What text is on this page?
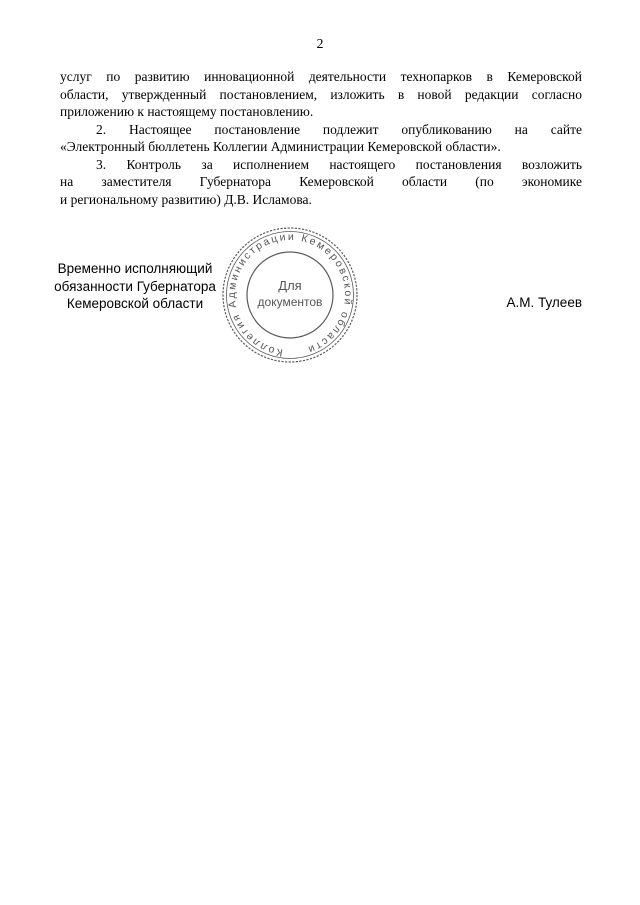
2

услуг по развитию инновационной деятельности технопарков в Кемеровской

области, утвержденный постановлением, изложить в новой редакции согласно

приложению к настоящему постановлению.

2. Настоящее постановление подлежит опубликованию на сайте

«Электронный бюллетень Коллегии Администрации Кемеровской области».

3. Контроль за исполнением настоящего постановления возложить

на заместителя Губернатора Кемеровской области (по экономике

и региональному развитию) Д.В. Исламова.

Временно исполняющий
обязанности Губернатора
Кемеровской области
Коллегия Администрации Кемеровской области
Для
документов	А.М. Тулеев
